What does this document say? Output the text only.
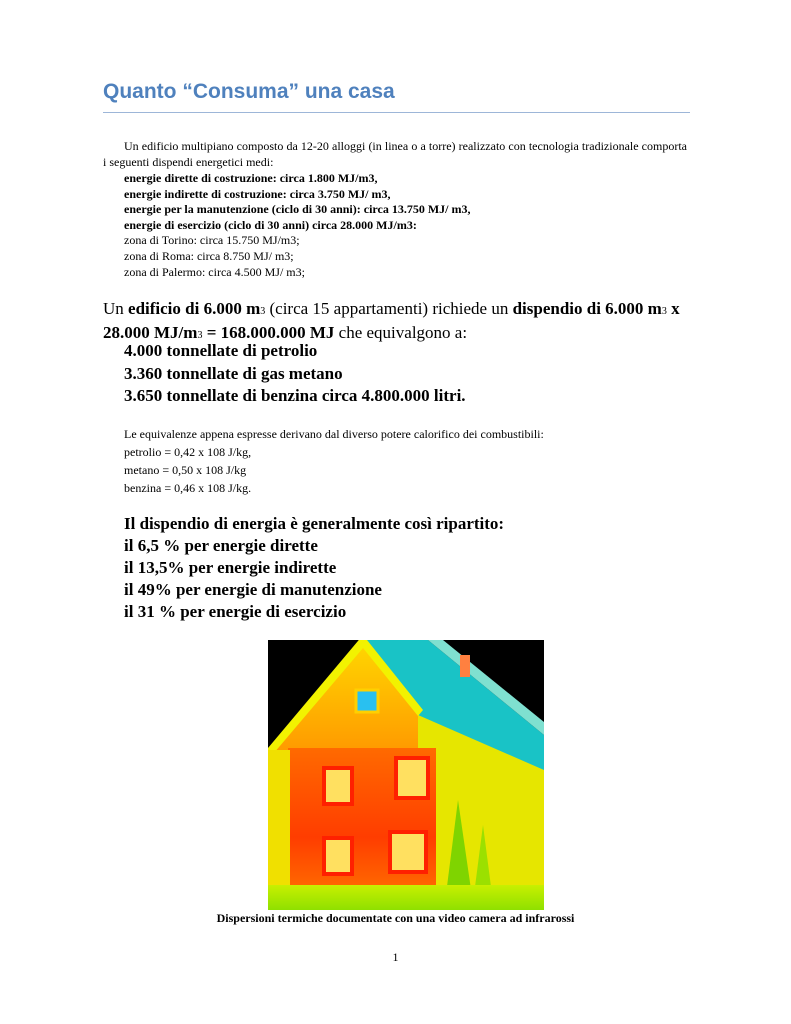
Quanto “Consuma” una casa

Un edificio multipiano composto da 12-20 alloggi (in linea o a torre) realizzato con tecnologia tradizionale comporta i seguenti dispendi energetici medi:

energie dirette di costruzione: circa 1.800 MJ/m3,
energie indirette di costruzione: circa 3.750 MJ/ m3,
energie per la manutenzione (ciclo di 30 anni): circa 13.750 MJ/ m3,
energie di esercizio (ciclo di 30 anni) circa 28.000 MJ/m3:
zona di Torino: circa 15.750 MJ/m3;
zona di Roma: circa 8.750 MJ/ m3;
zona di Palermo: circa 4.500 MJ/ m3;

Un edificio di 6.000 m3 (circa 15 appartamenti) richiede un dispendio di 6.000 m3 x 28.000 MJ/m3 = 168.000.000 MJ che equivalgono a:

4.000 tonnellate di petrolio
3.360 tonnellate di gas metano
3.650 tonnellate di benzina circa 4.800.000 litri.
Le equivalenze appena espresse derivano dal diverso potere calorifico dei combustibili:
petrolio = 0,42 x 108 J/kg,
metano = 0,50 x 108 J/kg
benzina = 0,46 x 108 J/kg.
Il dispendio di energia è generalmente così ripartito:
il 6,5 % per energie dirette
il 13,5% per energie indirette
il 49% per energie di manutenzione
il 31 % per energie di esercizio

Dispersioni termiche documentate con una video camera ad infrarossi

1
